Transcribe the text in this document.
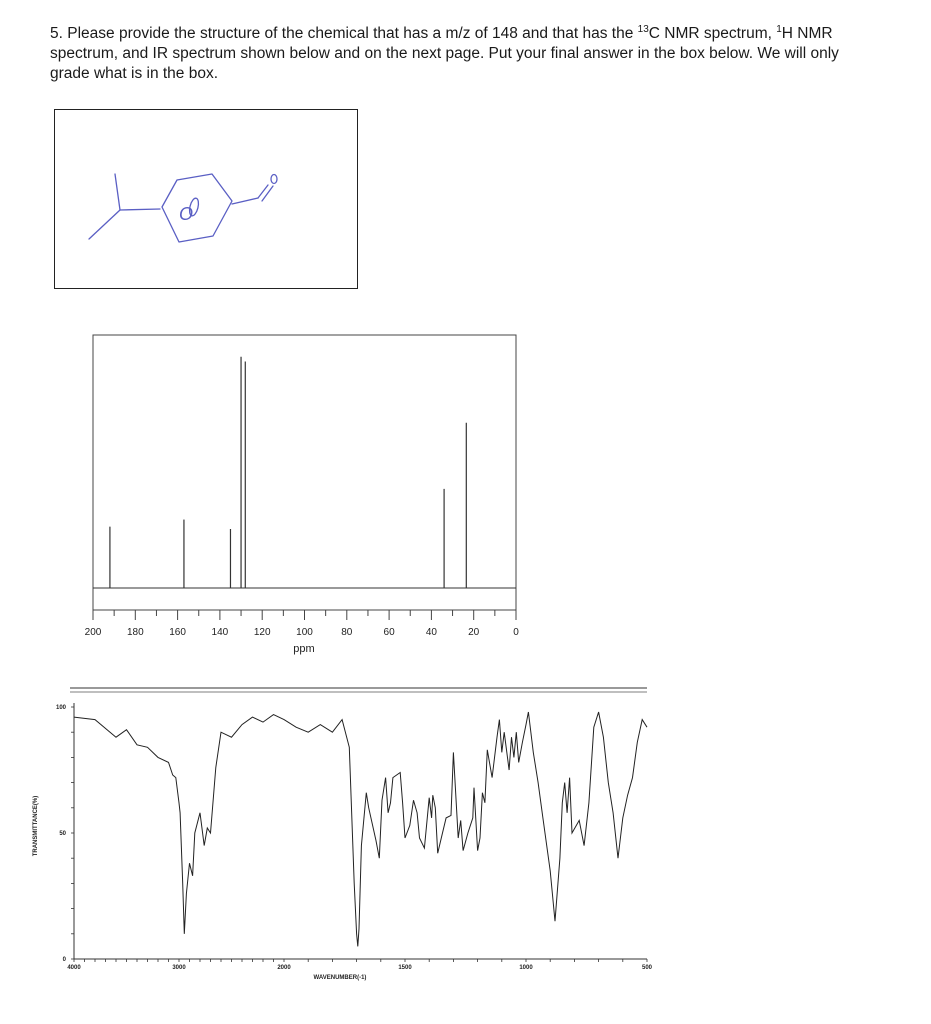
5. Please provide the structure of the chemical that has a m/z of 148 and that has the $^{13}$C NMR spectrum, $^1$H NMR spectrum, and IR spectrum shown below and on the next page. Put your final answer in the box below. We will only grade what is in the box.

O
200	180	160	140	120	100	80	60	40	20	0
ppm
100
50
0
4000	3000	2000	1500	1000	500
WAVENUMBER(-1)
TRANSMITTANCE(%)
